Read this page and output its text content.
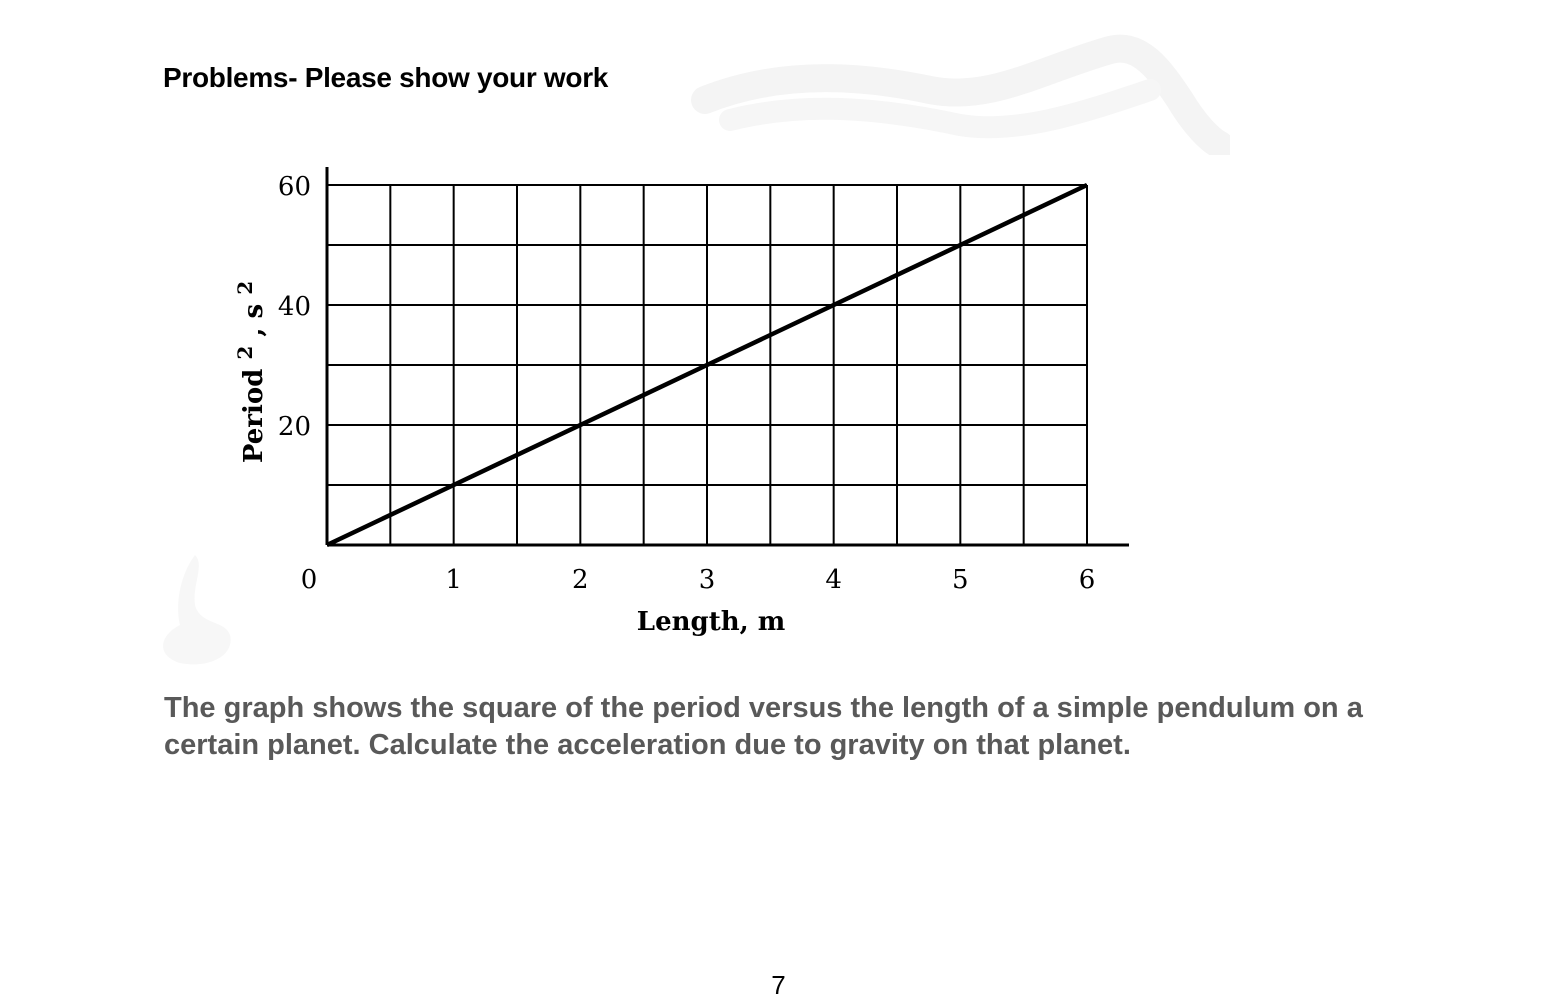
Problems- Please show your work
0	1	2	3	4	5	6
20
40
60
Length, m
Period $^2$ , s $^2$
The graph shows the square of the period versus the length of a simple pendulum on a certain planet. Calculate the acceleration due to gravity on that planet.
7
